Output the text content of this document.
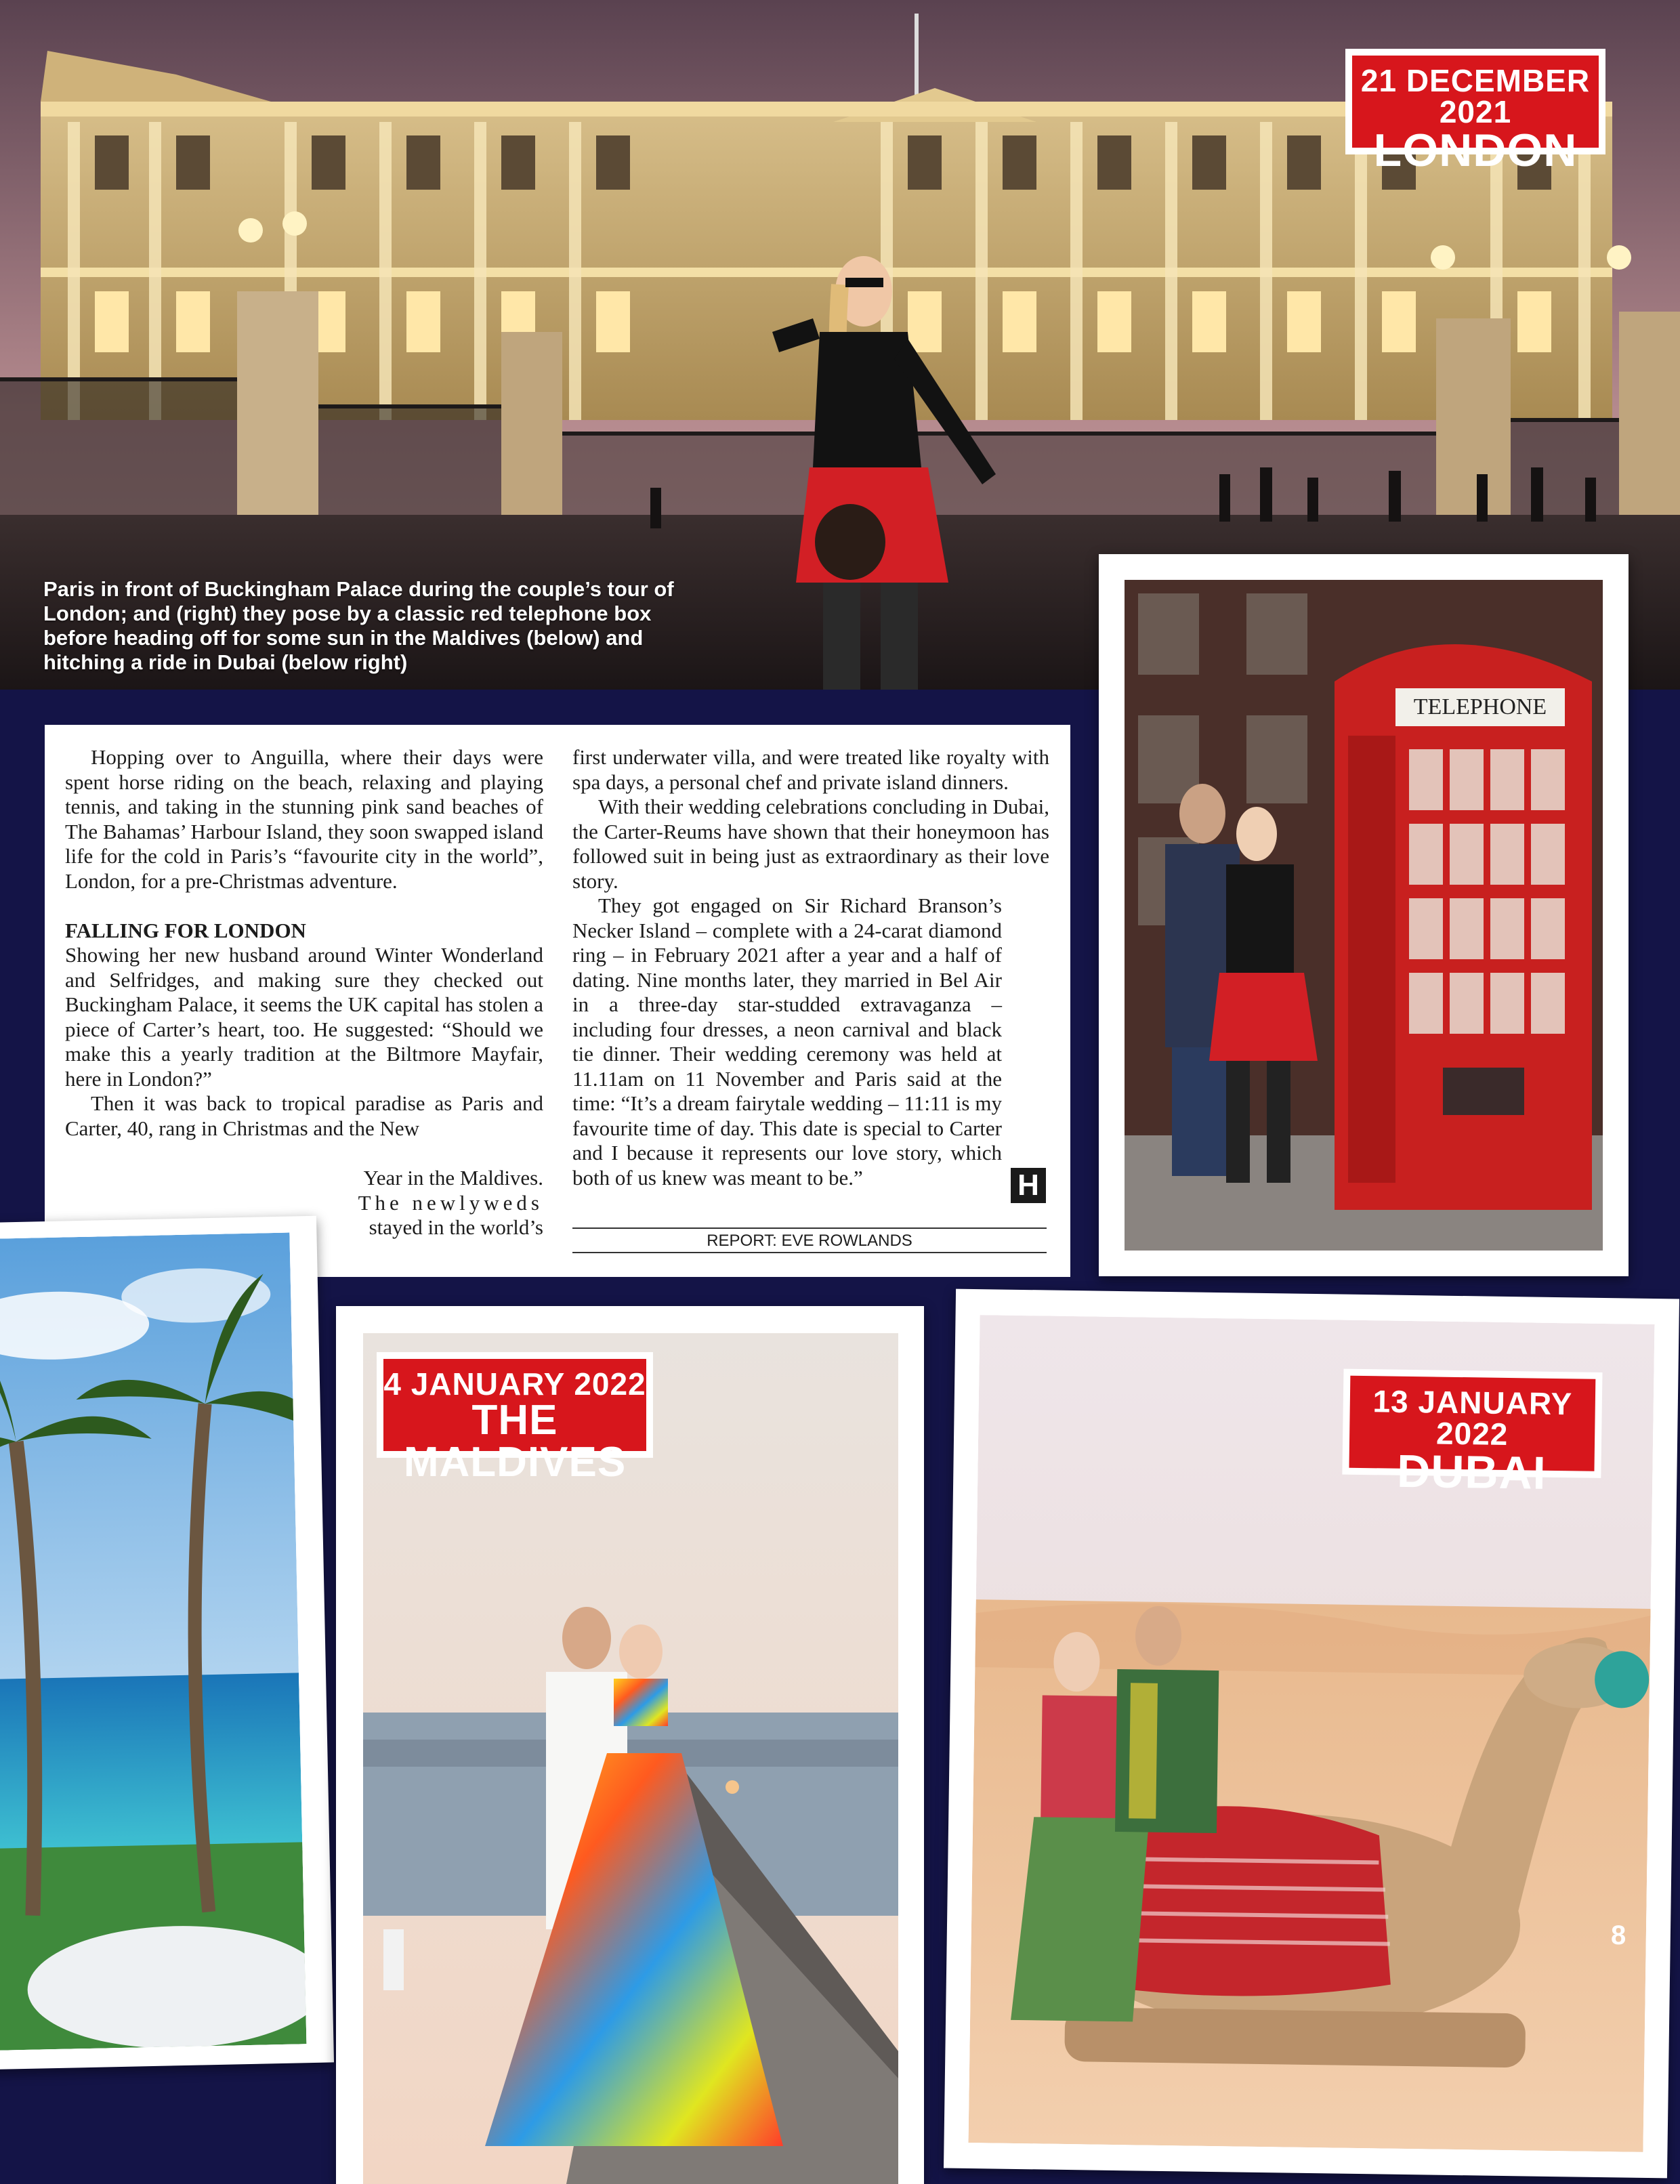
Paris in front of Buckingham Palace during the couple’s tour of London; and (right) they pose by a classic red telephone box before heading off for some sun in the Maldives (below) and hitching a ride in Dubai (below right)
21 DECEMBER 2021
LONDON
TELEPHONE

Hopping over to Anguilla, where their days were spent horse riding on the beach, relaxing and playing tennis, and taking in the stunning pink sand beaches of The Bahamas’ Harbour Island, they soon swapped island life for the cold in Paris’s “favourite city in the world”, London, for a pre-Christmas adventure.

FALLING FOR LONDON

Showing her new husband around Winter Wonderland and Selfridges, and making sure they checked out Buckingham Palace, it seems the UK capital has stolen a piece of Carter’s heart, too. He suggested: “Should we make this a yearly tradition at the Biltmore Mayfair, here in London?”

Then it was back to tropical paradise as Paris and Carter, 40, rang in Christmas and the New

Year in the Maldives.
The newlyweds
stayed in the world’s

first underwater villa, and were treated like royalty with spa days, a personal chef and private island dinners.

With their wedding celebrations concluding in Dubai, the Carter-Reums have shown that their honeymoon has followed suit in being just as extraordinary as their love story.

They got engaged on Sir Richard Branson’s Necker Island – complete with a 24-carat diamond ring – in February 2021 after a year and a half of dating. Nine months later, they married in Bel Air in a three-day star-studded extravaganza – including four dresses, a neon carnival and black tie dinner. Their wedding ceremony was held at 11.11am on 11 November and Paris said at the time: “It’s a dream fairytale wedding – 11:11 is my favourite time of day. This date is special to Carter and I because it represents our love story, which both of us knew was meant to be.”	H
REPORT: EVE ROWLANDS
4 JANUARY 2022
THE MALDIVES
13 JANUARY 2022
DUBAI
8
